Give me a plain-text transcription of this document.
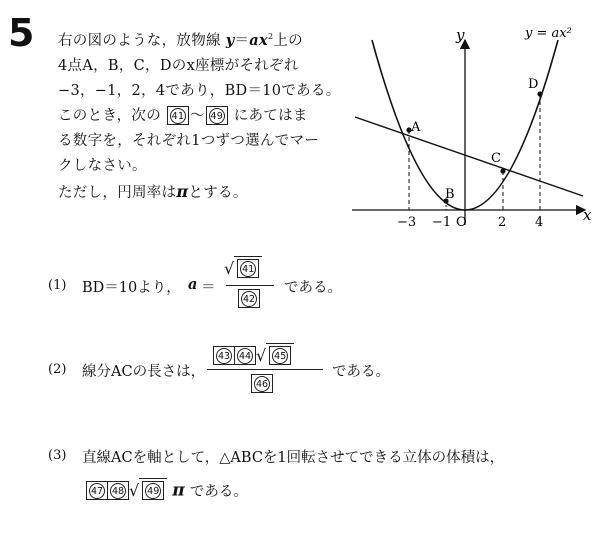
5 右の図のような，放物線 $y=ax^2$上の
4点A，B，C，Dのx座標がそれぞれ
−3，−1，2，4であり，BD＝10である。
このとき，次の 41 〜 49 にあてはま
る数字を，それぞれ1つずつ選んでマー
クしなさい。
ただし，円周率はπとする。
A
B
C
D
y
x
y = ax²
O
−3 −1	2 4
(1) BD＝10より， a ＝
√ 41
42
である。
(2) 線分ACの長さは，
43 44 √ 45
46
である。
(3) 直線ACを軸として，△ABCを1回転させてできる立体の体積は，
47 48 √ 49 π である。
